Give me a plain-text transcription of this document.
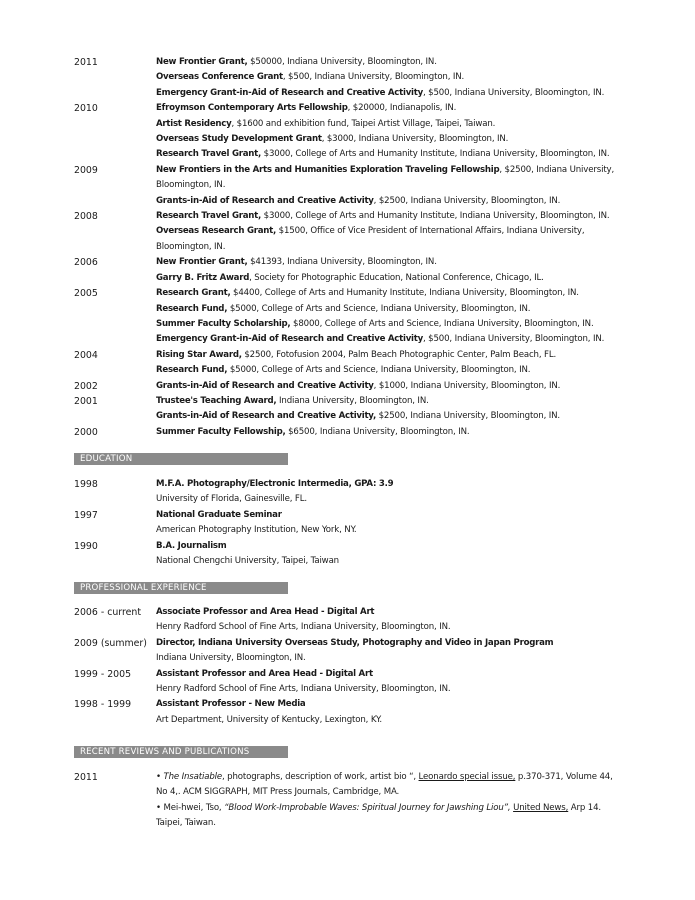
2011	New Frontier Grant, $50000, Indiana University, Bloomington, IN.
Overseas Conference Grant, $500, Indiana University, Bloomington, IN.
Emergency Grant-in-Aid of Research and Creative Activity, $500, Indiana University, Bloomington, IN.
2010	Efroymson Contemporary Arts Fellowship, $20000, Indianapolis, IN.
Artist Residency, $1600 and exhibition fund, Taipei Artist Village, Taipei, Taiwan.
Overseas Study Development Grant, $3000, Indiana University, Bloomington, IN.
Research Travel Grant, $3000, College of Arts and Humanity Institute, Indiana University, Bloomington, IN.
2009	New Frontiers in the Arts and Humanities Exploration Traveling Fellowship, $2500, Indiana University,
Bloomington, IN.
Grants-in-Aid of Research and Creative Activity, $2500, Indiana University, Bloomington, IN.
2008	Research Travel Grant, $3000, College of Arts and Humanity Institute, Indiana University, Bloomington, IN.
Overseas Research Grant, $1500, Office of Vice President of International Affairs, Indiana University,
Bloomington, IN.
2006	New Frontier Grant, $41393, Indiana University, Bloomington, IN.
Garry B. Fritz Award, Society for Photographic Education, National Conference, Chicago, IL.
2005	Research Grant, $4400, College of Arts and Humanity Institute, Indiana University, Bloomington, IN.
Research Fund, $5000, College of Arts and Science, Indiana University, Bloomington, IN.
Summer Faculty Scholarship, $8000, College of Arts and Science, Indiana University, Bloomington, IN.
Emergency Grant-in-Aid of Research and Creative Activity, $500, Indiana University, Bloomington, IN.
2004	Rising Star Award, $2500, Fotofusion 2004, Palm Beach Photographic Center, Palm Beach, FL.
Research Fund, $5000, College of Arts and Science, Indiana University, Bloomington, IN.
2002	Grants-in-Aid of Research and Creative Activity, $1000, Indiana University, Bloomington, IN.
2001	Trustee's Teaching Award, Indiana University, Bloomington, IN.
Grants-in-Aid of Research and Creative Activity, $2500, Indiana University, Bloomington, IN.
2000	Summer Faculty Fellowship, $6500, Indiana University, Bloomington, IN.
EDUCATION
1998	M.F.A. Photography/Electronic Intermedia, GPA: 3.9
University of Florida, Gainesville, FL.
1997	National Graduate Seminar
American Photography Institution, New York, NY.
1990	B.A. Journalism
National Chengchi University, Taipei, Taiwan
PROFESSIONAL EXPERIENCE
2006 - current	Associate Professor and Area Head - Digital Art
Henry Radford School of Fine Arts, Indiana University, Bloomington, IN.
2009 (summer)	Director, Indiana University Overseas Study, Photography and Video in Japan Program
Indiana University, Bloomington, IN.
1999 - 2005	Assistant Professor and Area Head - Digital Art
Henry Radford School of Fine Arts, Indiana University, Bloomington, IN.
1998 - 1999	Assistant Professor - New Media
Art Department, University of Kentucky, Lexington, KY.
RECENT REVIEWS AND PUBLICATIONS
2011	• The Insatiable, photographs, description of work, artist bio “, Leonardo special issue, p.370-371, Volume 44,
No 4,. ACM SIGGRAPH, MIT Press Journals, Cambridge, MA.
• Mei-hwei, Tso, “Blood Work-Improbable Waves: Spiritual Journey for Jawshing Liou”, United News, Arp 14.
Taipei, Taiwan.
